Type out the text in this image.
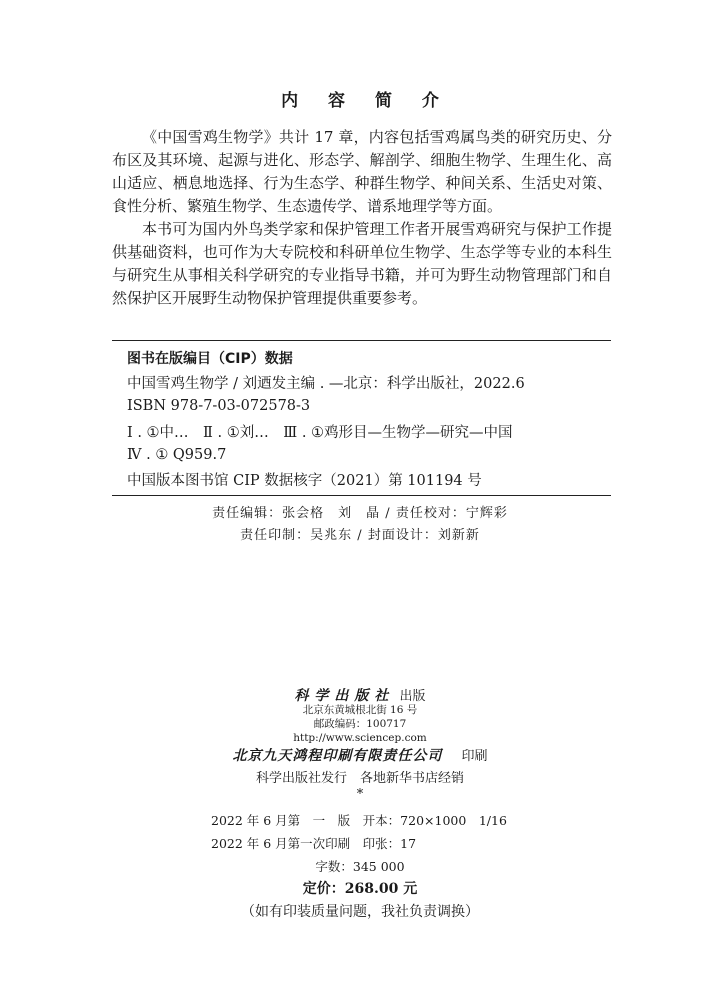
内 容 简 介

《中国雪鸡生物学》共计 17 章，内容包括雪鸡属鸟类的研究历史、分布区及其环境、起源与进化、形态学、解剖学、细胞生物学、生理生化、高山适应、栖息地选择、行为生态学、种群生物学、种间关系、生活史对策、食性分析、繁殖生物学、生态遗传学、谱系地理学等方面。

本书可为国内外鸟类学家和保护管理工作者开展雪鸡研究与保护工作提供基础资料，也可作为大专院校和科研单位生物学、生态学等专业的本科生与研究生从事相关科学研究的专业指导书籍，并可为野生动物管理部门和自然保护区开展野生动物保护管理提供重要参考。

图书在版编目（CIP）数据
中国雪鸡生物学 / 刘迺发主编 . —北京：科学出版社，2022.6
ISBN 978-7-03-072578-3
Ⅰ . ①中…　Ⅱ . ①刘…　Ⅲ . ①鸡形目—生物学—研究—中国
Ⅳ . ① Q959.7
中国版本图书馆 CIP 数据核字（2021）第 101194 号
责任编辑：张会格　刘　晶 / 责任校对：宁辉彩
责任印制：吴兆东 / 封面设计：刘新新
科学出版社 出版
北京东黄城根北街 16 号
邮政编码：100717
http://www.sciencep.com
北京九天鸿程印刷有限责任公司 印刷
科学出版社发行　各地新华书店经销
*
2022 年 6 月第　一　版　开本：720×1000　1/16
2022 年 6 月第一次印刷　印张：17
字数：345 000
定价：268.00 元
（如有印装质量问题，我社负责调换）
